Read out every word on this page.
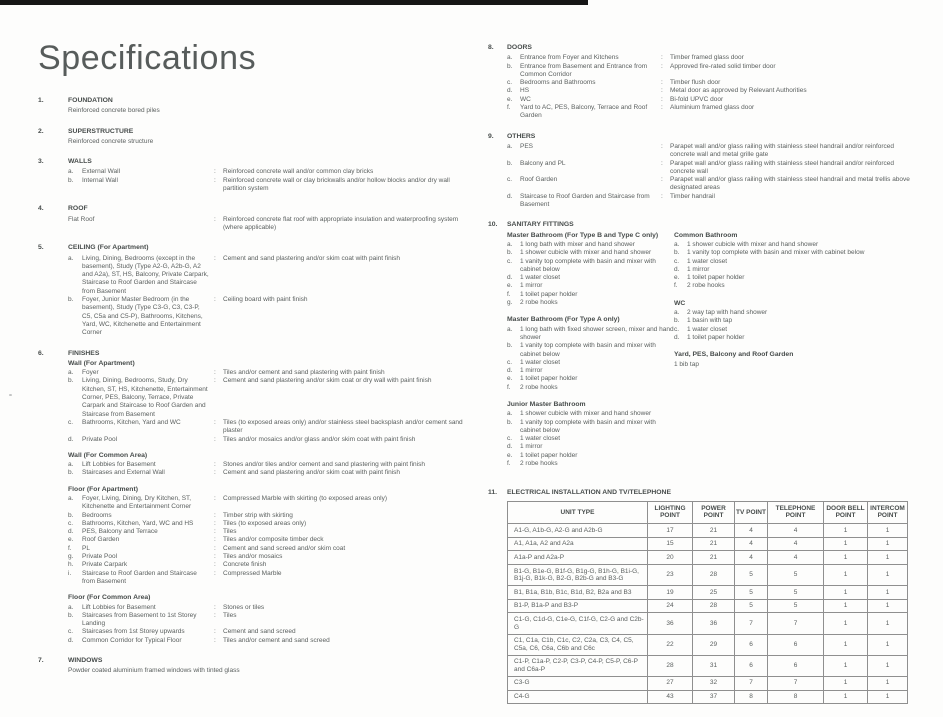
Specifications
1.	FOUNDATION
Reinforced concrete bored piles
2.	SUPERSTRUCTURE
Reinforced concrete structure
3.	WALLS
a.	External Wall	:	Reinforced concrete wall and/or common clay bricks
b.	Internal Wall	:	Reinforced concrete wall or clay brickwalls and/or hollow blocks and/or dry wall partition system
4.	ROOF
Flat Roof	:	Reinforced concrete flat roof with appropriate insulation and waterproofing system (where applicable)
5.	CEILING (For Apartment)
a.	Living, Dining, Bedrooms (except in the basement), Study (Type A2-G, A2b-G, A2 and A2a), ST, HS, Balcony, Private Carpark, Staircase to Roof Garden and Staircase from Basement
:	Cement and sand plastering and/or skim coat with paint finish
b.	Foyer, Junior Master Bedroom (in the basement), Study (Type C3-G, C3, C3-P, C5, C5a and C5-P), Bathrooms, Kitchens, Yard, WC, Kitchenette and Entertainment Corner
:	Ceiling board with paint finish
6.	FINISHES
Wall (For Apartment)
a.	Foyer	:	Tiles and/or cement and sand plastering with paint finish
b.	Living, Dining, Bedrooms, Study, Dry Kitchen, ST, HS, Kitchenette, Entertainment Corner, PES, Balcony, Terrace, Private Carpark and Staircase to Roof Garden and Staircase from Basement
:	Cement and sand plastering and/or skim coat or dry wall with paint finish
c.	Bathrooms, Kitchen, Yard and WC	:	Tiles (to exposed areas only) and/or stainless steel backsplash and/or cement sand plaster
d.	Private Pool	:	Tiles and/or mosaics and/or glass and/or skim coat with paint finish
Wall (For Common Area)
a.	Lift Lobbies for Basement	:	Stones and/or tiles and/or cement and sand plastering with paint finish
b.	Staircases and External Wall	:	Cement and sand plastering and/or skim coat with paint finish
Floor (For Apartment)
a.	Foyer, Living, Dining, Dry Kitchen, ST, Kitchenette and Entertainment Corner
:	Compressed Marble with skirting (to exposed areas only)
b.	Bedrooms	:	Timber strip with skirting
c.	Bathrooms, Kitchen, Yard, WC and HS	:	Tiles (to exposed areas only)
d.	PES, Balcony and Terrace	:	Tiles
e.	Roof Garden	:	Tiles and/or composite timber deck
f.	PL	:	Cement and sand screed and/or skim coat
g.	Private Pool	:	Tiles and/or mosaics
h.	Private Carpark	:	Concrete finish
i.	Staircase to Roof Garden and Staircase from Basement
:	Compressed Marble
Floor (For Common Area)
a.	Lift Lobbies for Basement	:	Stones or tiles
b.	Staircases from Basement to 1st Storey Landing
:	Tiles
c.	Staircases from 1st Storey upwards	:	Cement and sand screed
d.	Common Corridor for Typical Floor	:	Tiles and/or cement and sand screed
7.	WINDOWS
Powder coated aluminium framed windows with tinted glass
8.	DOORS
a.	Entrance from Foyer and Kitchens	:	Timber framed glass door
b.	Entrance from Basement and Entrance from Common Corridor
:	Approved fire-rated solid timber door
c.	Bedrooms and Bathrooms	:	Timber flush door
d.	HS	:	Metal door as approved by Relevant Authorities
e.	WC	:	Bi-fold UPVC door
f.	Yard to AC, PES, Balcony, Terrace and Roof Garden
:	Aluminium framed glass door
9.	OTHERS
a.	PES	:	Parapet wall and/or glass railing with stainless steel handrail and/or reinforced concrete wall and metal grille gate
b.	Balcony and PL	:	Parapet wall and/or glass railing with stainless steel handrail and/or reinforced concrete wall
c.	Roof Garden	:	Parapet wall and/or glass railing with stainless steel handrail and metal trellis above designated areas
d.	Staircase to Roof Garden and Staircase from Basement
:	Timber handrail
10.	SANITARY FITTINGS
Master Bathroom (For Type B and Type C only)
a.	1 long bath with mixer and hand shower
b.	1 shower cubicle with mixer and hand shower
c.	1 vanity top complete with basin and mixer with cabinet below
d.	1 water closet
e.	1 mirror
f.	1 toilet paper holder
g.	2 robe hooks
Master Bathroom (For Type A only)
a.	1 long bath with fixed shower screen, mixer and hand shower
b.	1 vanity top complete with basin and mixer with cabinet below
c.	1 water closet
d.	1 mirror
e.	1 toilet paper holder
f.	2 robe hooks
Junior Master Bathroom
a.	1 shower cubicle with mixer and hand shower
b.	1 vanity top complete with basin and mixer with cabinet below
c.	1 water closet
d.	1 mirror
e.	1 toilet paper holder
f.	2 robe hooks
Common Bathroom
a.	1 shower cubicle with mixer and hand shower
b.	1 vanity top complete with basin and mixer with cabinet below
c.	1 water closet
d.	1 mirror
e.	1 toilet paper holder
f.	2 robe hooks
WC
a.	2 way tap with hand shower
b.	1 basin with tap
c.	1 water closet
d.	1 toilet paper holder
Yard, PES, Balcony and Roof Garden
1 bib tap
11.	ELECTRICAL INSTALLATION AND TV/TELEPHONE
UNIT TYPE	LIGHTING POINT	POWER POINT	TV POINT	TELEPHONE POINT	DOOR BELL POINT	INTERCOM POINT
A1-G, A1b-G, A2-G and A2b-G	17	21	4	4	1	1
A1, A1a, A2 and A2a	15	21	4	4	1	1
A1a-P and A2a-P	20	21	4	4	1	1
B1-G, B1e-G, B1f-G, B1g-G, B1h-G, B1i-G, B1j-G, B1k-G, B2-G, B2b-G and B3-G	23	28	5	5	1	1
B1, B1a, B1b, B1c, B1d, B2, B2a and B3	19	25	5	5	1	1
B1-P, B1a-P and B3-P	24	28	5	5	1	1
C1-G, C1d-G, C1e-G, C1f-G, C2-G and C2b-G	36	36	7	7	1	1
C1, C1a, C1b, C1c, C2, C2a, C3, C4, C5, C5a, C6, C6a, C6b and C6c	22	29	6	6	1	1
C1-P, C1a-P, C2-P, C3-P, C4-P, C5-P, C6-P and C6a-P	28	31	6	6	1	1
C3-G	27	32	7	7	1	1
C4-G	43	37	8	8	1	1
